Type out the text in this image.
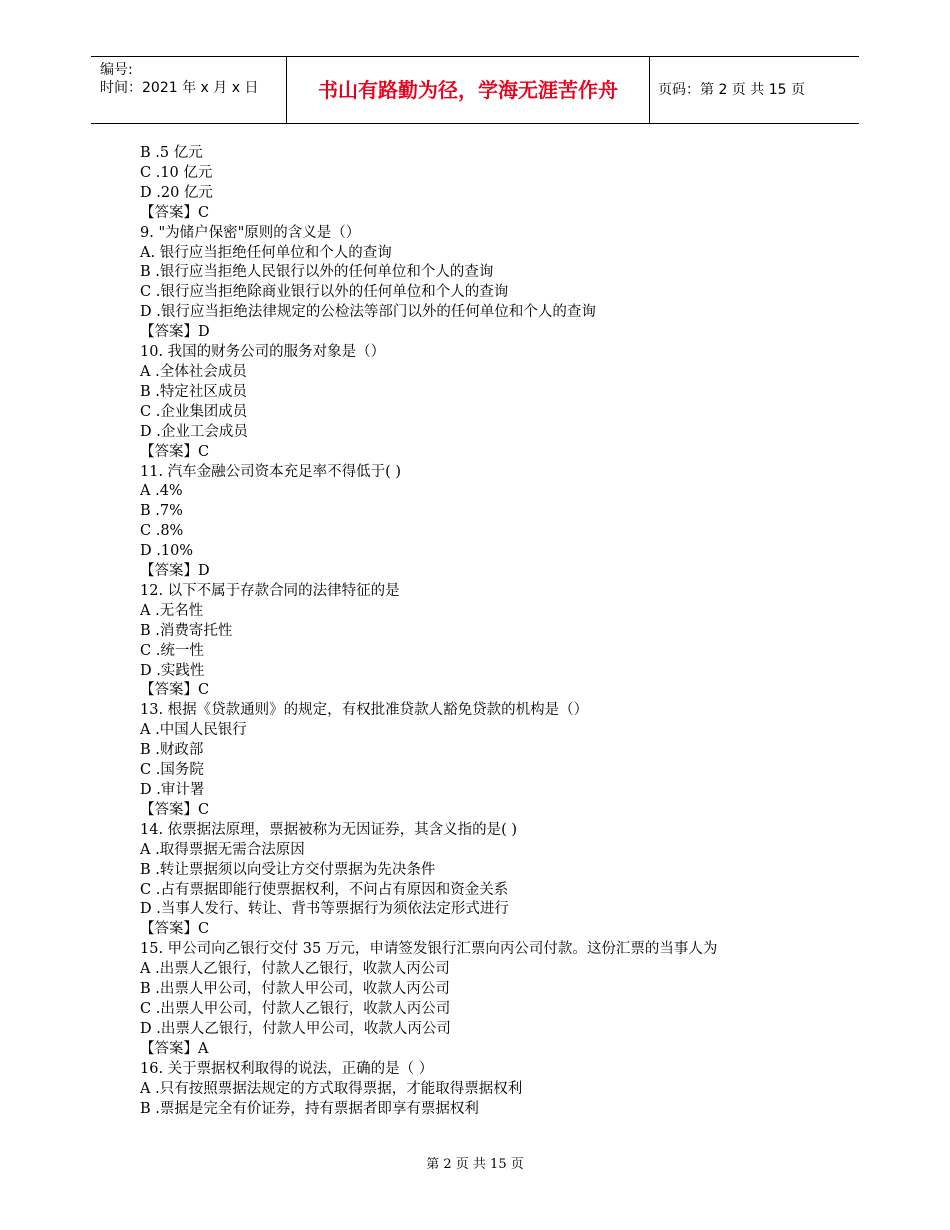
编号:
时间：2021 年 x 月 x 日	书山有路勤为径，学海无涯苦作舟	页码：第 2 页 共 15 页
B .5 亿元
C .10 亿元
D .20 亿元
【答案】C
9. "为储户保密"原则的含义是（）
A. 银行应当拒绝任何单位和个人的查询
B .银行应当拒绝人民银行以外的任何单位和个人的查询
C .银行应当拒绝除商业银行以外的任何单位和个人的查询
D .银行应当拒绝法律规定的公检法等部门以外的任何单位和个人的查询
【答案】D
10. 我国的财务公司的服务对象是（）
A .全体社会成员
B .特定社区成员
C .企业集团成员
D .企业工会成员
【答案】C
11. 汽车金融公司资本充足率不得低于( )
A .4%
B .7%
C .8%
D .10%
【答案】D
12. 以下不属于存款合同的法律特征的是
A .无名性
B .消费寄托性
C .统一性
D .实践性
【答案】C
13. 根据《贷款通则》的规定，有权批准贷款人豁免贷款的机构是（）
A .中国人民银行
B .财政部
C .国务院
D .审计署
【答案】C
14. 依票据法原理，票据被称为无因证券，其含义指的是( )
A .取得票据无需合法原因
B .转让票据须以向受让方交付票据为先决条件
C .占有票据即能行使票据权利，不问占有原因和资金关系
D .当事人发行、转让、背书等票据行为须依法定形式进行
【答案】C
15. 甲公司向乙银行交付 35 万元，申请签发银行汇票向丙公司付款。这份汇票的当事人为
A .出票人乙银行，付款人乙银行，收款人丙公司
B .出票人甲公司，付款人甲公司，收款人丙公司
C .出票人甲公司，付款人乙银行，收款人丙公司
D .出票人乙银行，付款人甲公司，收款人丙公司
【答案】A
16. 关于票据权利取得的说法，正确的是（ ）
A .只有按照票据法规定的方式取得票据，才能取得票据权利
B .票据是完全有价证券，持有票据者即享有票据权利
第 2 页 共 15 页
